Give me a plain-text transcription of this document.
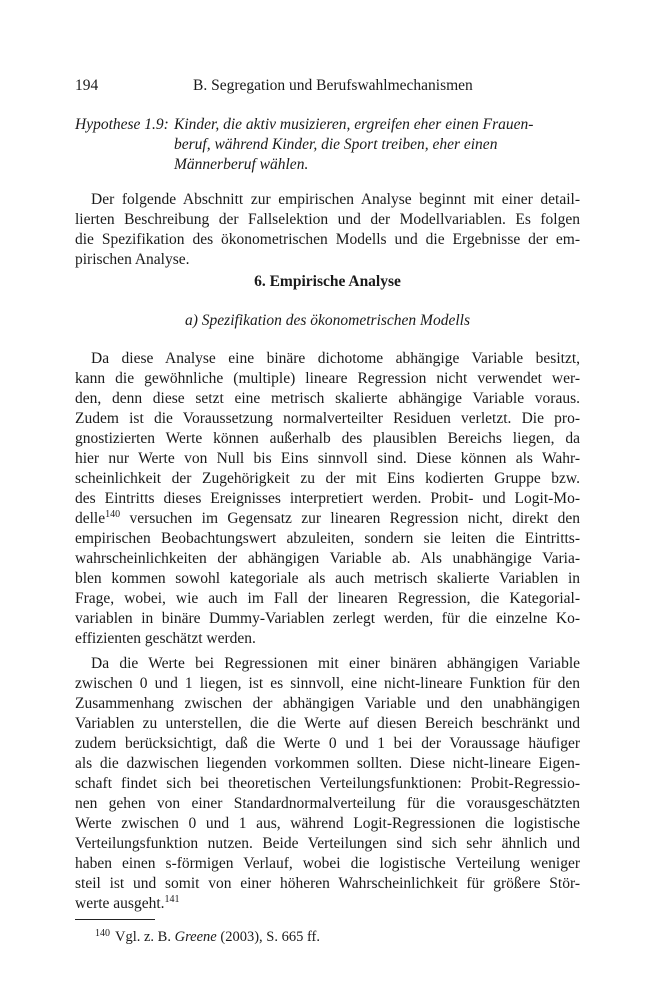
194	B. Segregation und Berufswahlmechanismen
Hypothese 1.9: Kinder, die aktiv musizieren, ergreifen eher einen Frauen-
beruf, während Kinder, die Sport treiben, eher einen
Männerberuf wählen.
Der folgende Abschnitt zur empirischen Analyse beginnt mit einer detail-
lierten Beschreibung der Fallselektion und der Modellvariablen. Es folgen
die Spezifikation des ökonometrischen Modells und die Ergebnisse der em-
pirischen Analyse.
6. Empirische Analyse
a) Spezifikation des ökonometrischen Modells
Da diese Analyse eine binäre dichotome abhängige Variable besitzt,
kann die gewöhnliche (multiple) lineare Regression nicht verwendet wer-
den, denn diese setzt eine metrisch skalierte abhängige Variable voraus.
Zudem ist die Voraussetzung normalverteilter Residuen verletzt. Die pro-
gnostizierten Werte können außerhalb des plausiblen Bereichs liegen, da
hier nur Werte von Null bis Eins sinnvoll sind. Diese können als Wahr-
scheinlichkeit der Zugehörigkeit zu der mit Eins kodierten Gruppe bzw.
des Eintritts dieses Ereignisses interpretiert werden. Probit- und Logit-Mo-
delle$^{140}$ versuchen im Gegensatz zur linearen Regression nicht, direkt den
empirischen Beobachtungswert abzuleiten, sondern sie leiten die Eintritts-
wahrscheinlichkeiten der abhängigen Variable ab. Als unabhängige Varia-
blen kommen sowohl kategoriale als auch metrisch skalierte Variablen in
Frage, wobei, wie auch im Fall der linearen Regression, die Kategorial-
variablen in binäre Dummy-Variablen zerlegt werden, für die einzelne Ko-
effizienten geschätzt werden.
Da die Werte bei Regressionen mit einer binären abhängigen Variable
zwischen 0 und 1 liegen, ist es sinnvoll, eine nicht-lineare Funktion für den
Zusammenhang zwischen der abhängigen Variable und den unabhängigen
Variablen zu unterstellen, die die Werte auf diesen Bereich beschränkt und
zudem berücksichtigt, daß die Werte 0 und 1 bei der Voraussage häufiger
als die dazwischen liegenden vorkommen sollten. Diese nicht-lineare Eigen-
schaft findet sich bei theoretischen Verteilungsfunktionen: Probit-Regressio-
nen gehen von einer Standardnormalverteilung für die vorausgeschätzten
Werte zwischen 0 und 1 aus, während Logit-Regressionen die logistische
Verteilungsfunktion nutzen. Beide Verteilungen sind sich sehr ähnlich und
haben einen s-förmigen Verlauf, wobei die logistische Verteilung weniger
steil ist und somit von einer höheren Wahrscheinlichkeit für größere Stör-
werte ausgeht.$^{141}$
$^{140}$ Vgl. z. B. Greene (2003), S. 665 ff.
